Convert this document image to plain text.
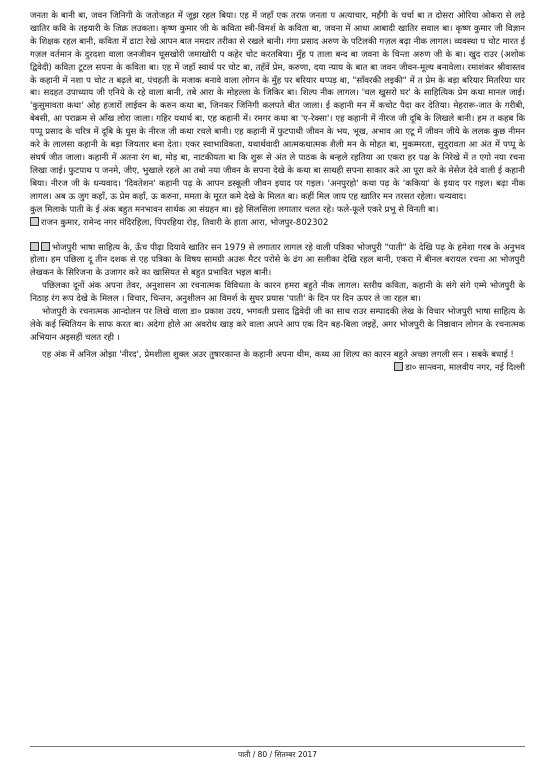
जनता के बानी बा, जवन जिनिगी के जतोजहत में जूझ रहल बिया। एह में जहाँ एक तरफ जनता प अत्याचार, मर्हँगी के चर्चा बा त दोसरा ओरिया ओकरा से लड़े खातिर कवि के तइयारी के जिक्र लउकता। कृष्ण कुमार जी के कविता स्त्री-विमर्श के कविता बा, जवना में आधा आबादी खातिर सवाल बा। कृष्ण कुमार जी विज्ञान के शिक्षक रहल बानी, कविता में ढाटा रेखे आपन बात नमदार तरीका से रखले बानी। गंगा प्रसाद अरुण के पटिलकी गज़ल बढ़ा नीक लागल। व्यवस्था प चोट मारत ई गज़ल वर्तमान के दुरदशा वाला जनजीवन घूसखोरी जमाखोरी प कहेर चोट करतबिया। मुँह प ताला बन्द बा जवना के चिन्ता अरुण जी के बा। खुद राउर (अशोक द्विवेदी) कविता टूटल सपना के कविता बा। एह में जहाँ स्वार्थ पर चोट बा, तहँवें प्रेम, करुणा, दया न्याय के बात बा जवन जीवन-मूल्य बनावेला। रमाशंकर श्रीवास्तव के कहानी में नशा प चोट त बढ़ले बा, पंचहती के मजाक बनावे वाला लोगन के मुँह पर बरियार थप्पड़ बा, "साँवरकी लइकी" में त प्रेम के बड़ा बरियार मितरिया धार बा। सदहत उपाध्याय जी एनिये के रहे वाला बानी, तबे आरा के मोहल्ला के जिकिर बा। शिल्प नीक लागल। 'चल खुसरो घर' के साहित्यिक प्रेम कथा मानल जाई। 'कुसुमावता कथा' ओह हजारों लाईवन के करुन कथा बा, जिनकर जिनिगी कलपते बीत जाला। ई कहानी मन में कचोट पैदा कर देतिया। मेहरारू-जात के गरीबी, बेबसी, आ पराक्रम से आँख लोरा जाला। गहिर यथार्थ बा, एह कहानी में। रमगर कथा बा 'ए-रेक्सा'। एह कहानी में नीरज जी दूबि के लिखले बानी। हम त कहब कि पप्पू प्रसाद के चरित्र में दूबि के घुस के नीरज जी कथा रचले बानी। एह कहानी में फुटपाथी जीवन के भय, भूख, अभाव आ एटू में जीवन जीये के ललक कुछ नीमन करे के लालसा कहानी के बड़ा जियतार बना देता। एकर स्वाभाविकता, यथार्थवादी आत्मकथात्मक शैली मन के मोहत बा, मुकम्मरता, सुदुरावता आ अंत में पप्पू के संघर्ष जीत जाला। कहानी में अतना रंग बा, मोड़ बा, नाटकीयता बा कि शुरू से अंत ले पाठक के बन्हले रहतिया आ एकरा हर पक्ष के निरेखे में त एगो नया रचना लिखा जाई। फुटपाथ प जनमे, जीए, भुखाले रहले आ तबो नया जीवन के सपना देखे के कथा बा साथही सपना साकार करे आ पूरा करे के मेसेज देवे वाली ई कहानी बिया। नीरज जी के धन्यवाद। 'दिवतेशन' कहानी पढ़ के आपन डस्कूली जीवन इयाद पर गइल। 'अनपुरहो' कथा पढ़ के 'ककिया' के इयाद पर गइल। बढ़ा नीक लागल। अब ऊ जुग कहाँ, ऊ प्रेम कहाँ, ऊ करुना, ममता के मूरत कमे देखे के मिलत बा। कहीं मिल जाय एह खातिर मन तरसत रहेला। धन्यवाद।

कुल मिलाके पाती के ई अंक बहुत मनभावन सार्थक आ संग्रहन बा। इहे सिलसिला लगातार चलत रहे। फले-फूले एकरे प्रभु से विनती बा।

राजन कुमार, रामेन्द नगर मंदिरहिला, पिपरहिया रोड़, तिवारी के हाता आरा, भोजपुर-802302

भोजपुरी भाषा साहित्य के, ऊँच पीढ़ा दियावे खातिर सन 1979 से लगातार लागल रहे वाली पत्रिका भोजपुरी "पाती" के देखि पढ़ के हमेशा गरब के अनुभव होला। हम पछिला दू तीन दशक से एह पत्रिका के विषय सामग्री अउरू मैटर परोसे के ढंग आ सलीका देखि रहल बानी, एकरा में बीनल बरायल रचना आ भोजपुरी लेखकन के सिरिजना के उजागर करे का खासियत से बहुत प्रभावित भइल बानी।

पछिलका दूनों अंक अपना तेवर, अनुशासन आ रचनात्मक विविधता के कारन हमरा बहुते नीक लागल। स्तरीय कविता, कहानी के संगे संगे एम्मे भोजपुरी के निठाह रंग रूप देखे के मिलल । विचार, चिन्तन, अनुशीलन आ विमर्श के सुघर प्रयास 'पाती' के दिन पर दिन ऊपर ले जा रहल बा।

भोजपुरी के रचनात्मक आन्दोलन पर लिखे वाला डा० प्रकाश उदय, भगवती प्रसाद द्विवेदी जी का साथ राउर सम्पादकी लेख के विचार भोजपुरी भाषा साहित्य के लेके कई स्थितियन के साफ करत बा। अदेगा होले आ अवरोध खाड़ करे वाला अपने आप एक दिन बह-बिला जइहें, अगर भोजपुरी के निष्ठावान लोगन के रचनात्मक अभियान अइसहीं चलत रही ।

एह अंक में अनिल ओझा 'नीरद', प्रेमशीला शुक्ल अउर तुषारकान्त के कहानी अपना थीम, कथ्य आ शिल्प का कारन बहुते अच्छा लगली सन । सबके बधाई !

डा० सान्त्वना, मालवीय नगर, नई दिल्ली

पाती / 80 / सितम्बर 2017
